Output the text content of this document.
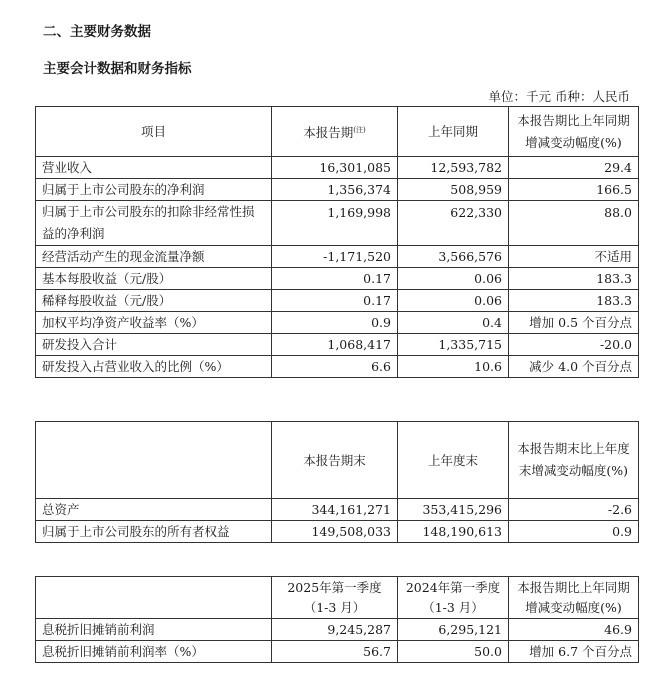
二、主要财务数据
主要会计数据和财务指标
单位：千元 币种：人民币
项目	本报告期$^{(注)}$	上年同期	本报告期比上年同期增减变动幅度(%)
营业收入	16,301,085	12,593,782	29.4
归属于上市公司股东的净利润	1,356,374	508,959	166.5
归属于上市公司股东的扣除非经常性损益的净利润	1,169,998	622,330	88.0
经营活动产生的现金流量净额	-1,171,520	3,566,576	不适用
基本每股收益（元/股）	0.17	0.06	183.3
稀释每股收益（元/股）	0.17	0.06	183.3
加权平均净资产收益率（%）	0.9	0.4	增加 0.5 个百分点
研发投入合计	1,068,417	1,335,715	-20.0
研发投入占营业收入的比例（%）	6.6	10.6	减少 4.0 个百分点
	本报告期末	上年度末	本报告期末比上年度末增减变动幅度(%)
总资产	344,161,271	353,415,296	-2.6
归属于上市公司股东的所有者权益	149,508,033	148,190,613	0.9
	2025年第一季度（1-3 月）	2024年第一季度（1-3 月）	本报告期比上年同期增减变动幅度(%)
息税折旧摊销前利润	9,245,287	6,295,121	46.9
息税折旧摊销前利润率（%）	56.7	50.0	增加 6.7 个百分点
